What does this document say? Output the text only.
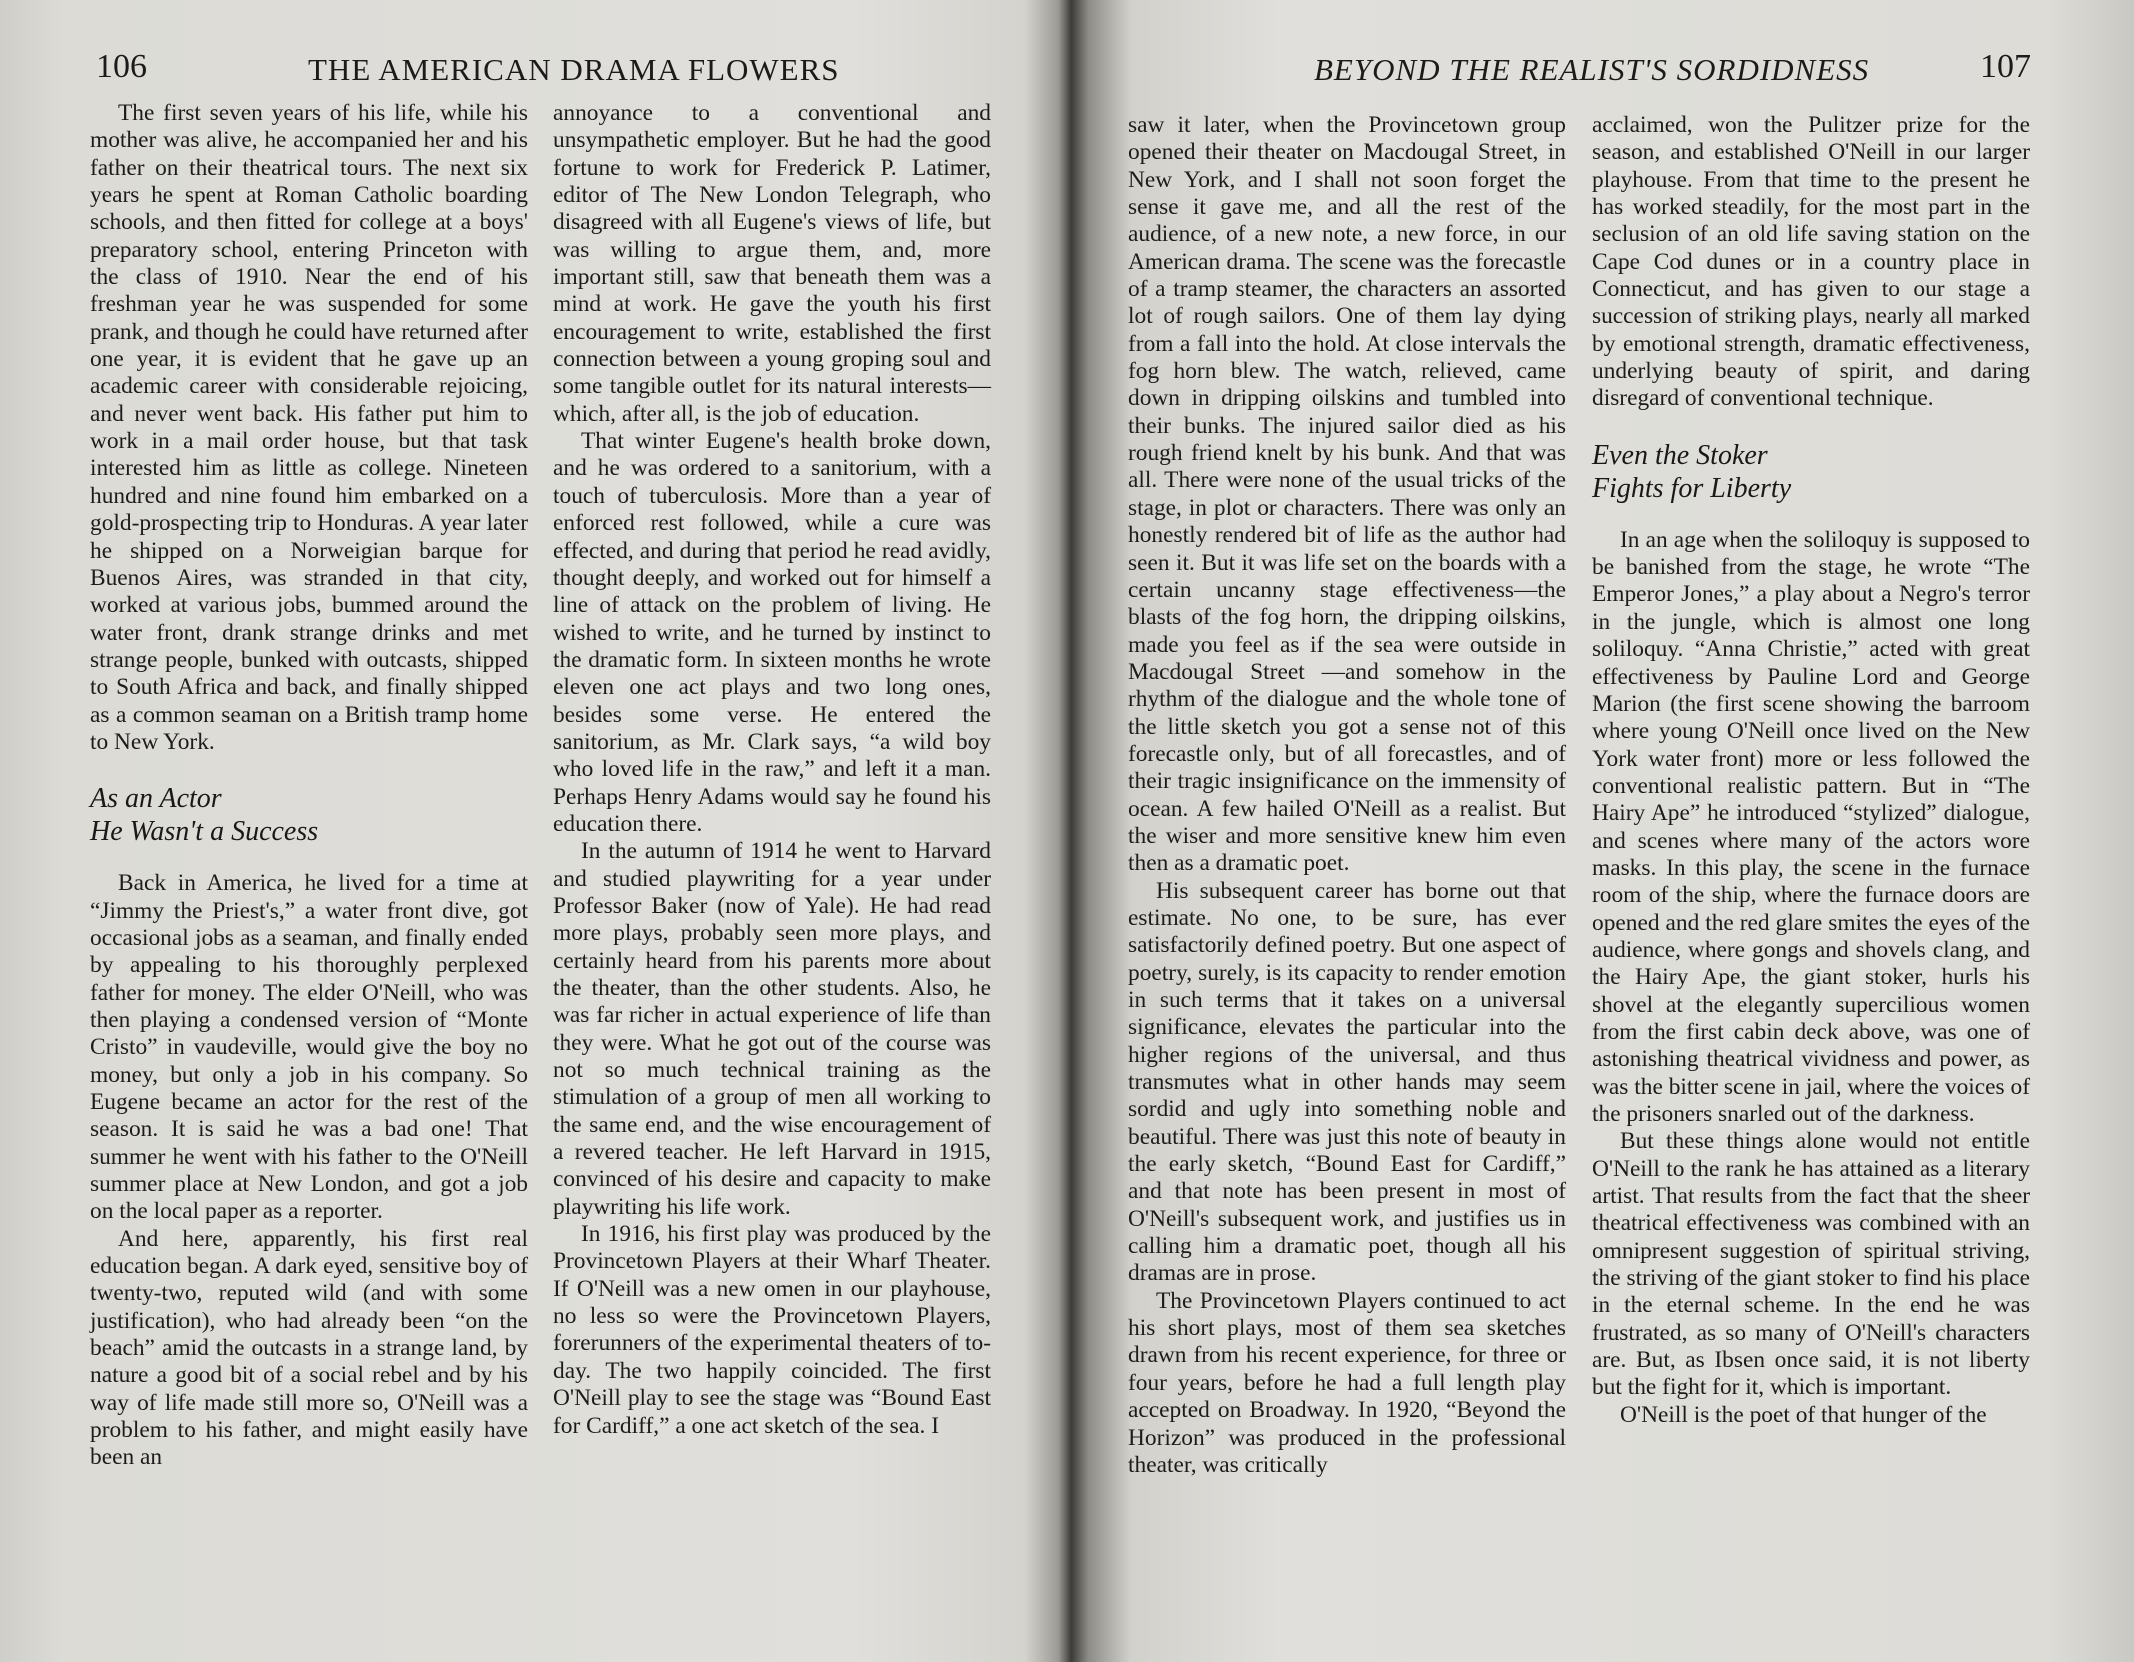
106	THE AMERICAN DRAMA FLOWERS

The first seven years of his life, while his mother was alive, he accompanied her and his father on their theatrical tours. The next six years he spent at Roman Catholic boarding schools, and then fitted for college at a boys' preparatory school, entering Princeton with the class of 1910. Near the end of his freshman year he was suspended for some prank, and though he could have returned after one year, it is evident that he gave up an academic career with considerable rejoicing, and never went back. His father put him to work in a mail order house, but that task interested him as little as college. Nineteen hundred and nine found him embarked on a gold-prospecting trip to Honduras. A year later he shipped on a Norweigian barque for Buenos Aires, was stranded in that city, worked at various jobs, bummed around the water front, drank strange drinks and met strange people, bunked with outcasts, shipped to South Africa and back, and finally shipped as a common seaman on a British tramp home to New York.

As an Actor
He Wasn't a Success

Back in America, he lived for a time at “Jimmy the Priest's,” a water front dive, got occasional jobs as a seaman, and finally ended by appealing to his thoroughly perplexed father for money. The elder O'Neill, who was then playing a condensed version of “Monte Cristo” in vaudeville, would give the boy no money, but only a job in his company. So Eugene became an actor for the rest of the season. It is said he was a bad one! That summer he went with his father to the O'Neill summer place at New London, and got a job on the local paper as a reporter.

And here, apparently, his first real education began. A dark eyed, sensitive boy of twenty-two, reputed wild (and with some justification), who had already been “on the beach” amid the outcasts in a strange land, by nature a good bit of a social rebel and by his way of life made still more so, O'Neill was a problem to his father, and might easily have been an

annoyance to a conventional and unsympathetic employer. But he had the good fortune to work for Frederick P. Latimer, editor of The New London Telegraph, who disagreed with all Eugene's views of life, but was willing to argue them, and, more important still, saw that beneath them was a mind at work. He gave the youth his first encouragement to write, established the first connection between a young groping soul and some tangible outlet for its natural interests—which, after all, is the job of education.

That winter Eugene's health broke down, and he was ordered to a sanitorium, with a touch of tuberculosis. More than a year of enforced rest followed, while a cure was effected, and during that period he read avidly, thought deeply, and worked out for himself a line of attack on the problem of living. He wished to write, and he turned by instinct to the dramatic form. In sixteen months he wrote eleven one act plays and two long ones, besides some verse. He entered the sanitorium, as Mr. Clark says, “a wild boy who loved life in the raw,” and left it a man. Perhaps Henry Adams would say he found his education there.

In the autumn of 1914 he went to Harvard and studied playwriting for a year under Professor Baker (now of Yale). He had read more plays, probably seen more plays, and certainly heard from his parents more about the theater, than the other students. Also, he was far richer in actual experience of life than they were. What he got out of the course was not so much technical training as the stimulation of a group of men all working to the same end, and the wise encouragement of a revered teacher. He left Harvard in 1915, convinced of his desire and capacity to make playwriting his life work.

In 1916, his first play was produced by the Provincetown Players at their Wharf Theater. If O'Neill was a new omen in our playhouse, no less so were the Provincetown Players, forerunners of the experimental theaters of to-day. The two happily coincided. The first O'Neill play to see the stage was “Bound East for Cardiff,” a one act sketch of the sea. I

BEYOND THE REALIST'S SORDIDNESS	107

saw it later, when the Provincetown group opened their theater on Macdougal Street, in New York, and I shall not soon forget the sense it gave me, and all the rest of the audience, of a new note, a new force, in our American drama. The scene was the forecastle of a tramp steamer, the characters an assorted lot of rough sailors. One of them lay dying from a fall into the hold. At close intervals the fog horn blew. The watch, relieved, came down in dripping oilskins and tumbled into their bunks. The injured sailor died as his rough friend knelt by his bunk. And that was all. There were none of the usual tricks of the stage, in plot or characters. There was only an honestly rendered bit of life as the author had seen it. But it was life set on the boards with a certain uncanny stage effectiveness—the blasts of the fog horn, the dripping oilskins, made you feel as if the sea were outside in Macdougal Street —and somehow in the rhythm of the dialogue and the whole tone of the little sketch you got a sense not of this forecastle only, but of all forecastles, and of their tragic insignificance on the immensity of ocean. A few hailed O'Neill as a realist. But the wiser and more sensitive knew him even then as a dramatic poet.

His subsequent career has borne out that estimate. No one, to be sure, has ever satisfactorily defined poetry. But one aspect of poetry, surely, is its capacity to render emotion in such terms that it takes on a universal significance, elevates the particular into the higher regions of the universal, and thus transmutes what in other hands may seem sordid and ugly into something noble and beautiful. There was just this note of beauty in the early sketch, “Bound East for Cardiff,” and that note has been present in most of O'Neill's subsequent work, and justifies us in calling him a dramatic poet, though all his dramas are in prose.

The Provincetown Players continued to act his short plays, most of them sea sketches drawn from his recent experience, for three or four years, before he had a full length play accepted on Broadway. In 1920, “Beyond the Horizon” was produced in the professional theater, was critically

acclaimed, won the Pulitzer prize for the season, and established O'Neill in our larger playhouse. From that time to the present he has worked steadily, for the most part in the seclusion of an old life saving station on the Cape Cod dunes or in a country place in Connecticut, and has given to our stage a succession of striking plays, nearly all marked by emotional strength, dramatic effectiveness, underlying beauty of spirit, and daring disregard of conventional technique.

Even the Stoker
Fights for Liberty

In an age when the soliloquy is supposed to be banished from the stage, he wrote “The Emperor Jones,” a play about a Negro's terror in the jungle, which is almost one long soliloquy. “Anna Christie,” acted with great effectiveness by Pauline Lord and George Marion (the first scene showing the barroom where young O'Neill once lived on the New York water front) more or less followed the conventional realistic pattern. But in “The Hairy Ape” he introduced “stylized” dialogue, and scenes where many of the actors wore masks. In this play, the scene in the furnace room of the ship, where the furnace doors are opened and the red glare smites the eyes of the audience, where gongs and shovels clang, and the Hairy Ape, the giant stoker, hurls his shovel at the elegantly supercilious women from the first cabin deck above, was one of astonishing theatrical vividness and power, as was the bitter scene in jail, where the voices of the prisoners snarled out of the darkness.

But these things alone would not entitle O'Neill to the rank he has attained as a literary artist. That results from the fact that the sheer theatrical effectiveness was combined with an omnipresent suggestion of spiritual striving, the striving of the giant stoker to find his place in the eternal scheme. In the end he was frustrated, as so many of O'Neill's characters are. But, as Ibsen once said, it is not liberty but the fight for it, which is important.

O'Neill is the poet of that hunger of the
